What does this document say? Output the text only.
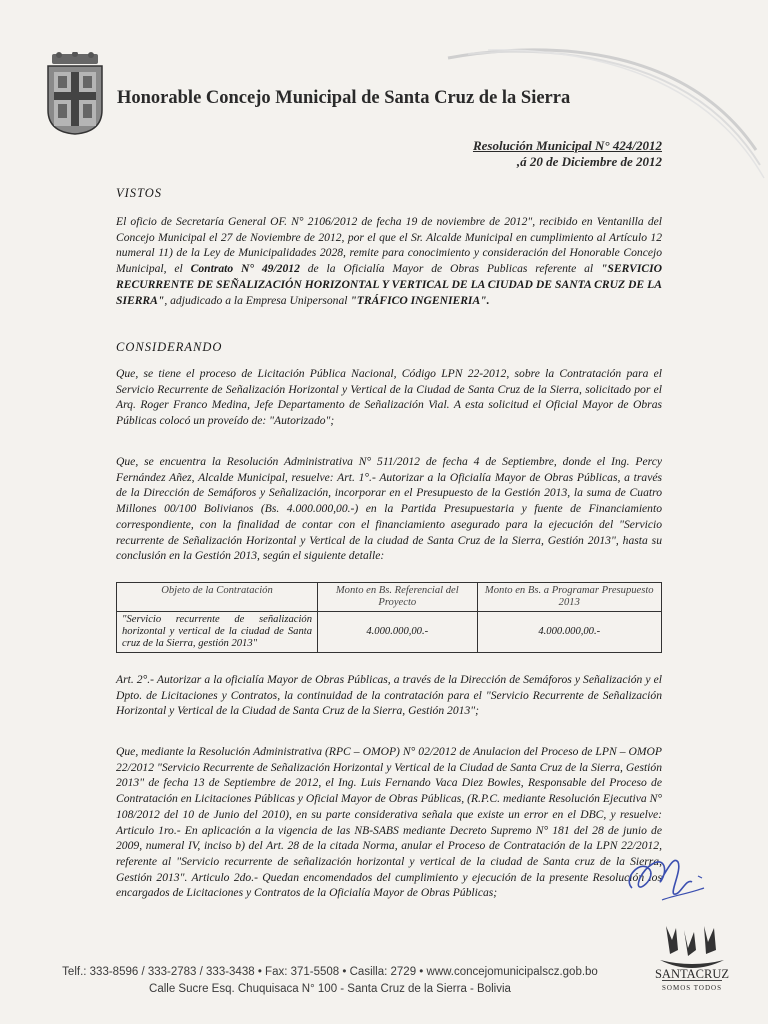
Honorable Concejo Municipal de Santa Cruz de la Sierra
Resolución Municipal N° 424/2012
,á 20 de Diciembre de 2012
VISTOS
El oficio de Secretaría General OF. N° 2106/2012 de fecha 19 de noviembre de 2012", recibido en Ventanilla del Concejo Municipal el 27 de Noviembre de 2012, por el que el Sr. Alcalde Municipal en cumplimiento al Artículo 12 numeral 11) de la Ley de Municipalidades 2028, remite para conocimiento y consideración del Honorable Concejo Municipal, el Contrato N° 49/2012 de la Oficialía Mayor de Obras Publicas referente al "SERVICIO RECURRENTE DE SEÑALIZACIÓN HORIZONTAL Y VERTICAL DE LA CIUDAD DE SANTA CRUZ DE LA SIERRA", adjudicado a la Empresa Unipersonal "TRÁFICO INGENIERIA".
CONSIDERANDO
Que, se tiene el proceso de Licitación Pública Nacional, Código LPN 22-2012, sobre la Contratación para el Servicio Recurrente de Señalización Horizontal y Vertical de la Ciudad de Santa Cruz de la Sierra, solicitado por el Arq. Roger Franco Medina, Jefe Departamento de Señalización Vial. A esta solicitud el Oficial Mayor de Obras Públicas colocó un proveído de: "Autorizado";
Que, se encuentra la Resolución Administrativa N° 511/2012 de fecha 4 de Septiembre, donde el Ing. Percy Fernández Añez, Alcalde Municipal, resuelve: Art. 1°.- Autorizar a la Oficialía Mayor de Obras Públicas, a través de la Dirección de Semáforos y Señalización, incorporar en el Presupuesto de la Gestión 2013, la suma de Cuatro Millones 00/100 Bolivianos (Bs. 4.000.000,00.-) en la Partida Presupuestaria y fuente de Financiamiento correspondiente, con la finalidad de contar con el financiamiento asegurado para la ejecución del "Servicio recurrente de Señalización Horizontal y Vertical de la ciudad de Santa Cruz de la Sierra, Gestión 2013", hasta su conclusión en la Gestión 2013, según el siguiente detalle:
Objeto de la Contratación	Monto en Bs. Referencial del Proyecto	Monto en Bs. a Programar Presupuesto 2013
"Servicio recurrente de señalización horizontal y vertical de la ciudad de Santa cruz de la Sierra, gestión 2013"	4.000.000,00.-	4.000.000,00.-
Art. 2°.- Autorizar a la oficialía Mayor de Obras Públicas, a través de la Dirección de Semáforos y Señalización y el Dpto. de Licitaciones y Contratos, la continuidad de la contratación para el "Servicio Recurrente de Señalización Horizontal y Vertical de la Ciudad de Santa Cruz de la Sierra, Gestión 2013";
Que, mediante la Resolución Administrativa (RPC – OMOP) N° 02/2012 de Anulacion del Proceso de LPN – OMOP 22/2012 "Servicio Recurrente de Señalización Horizontal y Vertical de la Ciudad de Santa Cruz de la Sierra, Gestión 2013" de fecha 13 de Septiembre de 2012, el Ing. Luis Fernando Vaca Diez Bowles, Responsable del Proceso de Contratación en Licitaciones Públicas y Oficial Mayor de Obras Públicas, (R.P.C. mediante Resolución Ejecutiva N° 108/2012 del 10 de Junio del 2010), en su parte considerativa señala que existe un error en el DBC, y resuelve: Articulo 1ro.- En aplicación a la vigencia de las NB-SABS mediante Decreto Supremo N° 181 del 28 de junio de 2009, numeral IV, inciso b) del Art. 28 de la citada Norma, anular el Proceso de Contratación de la LPN 22/2012, referente al "Servicio recurrente de señalización horizontal y vertical de la ciudad de Santa cruz de la Sierra, Gestión 2013". Articulo 2do.- Quedan encomendados del cumplimiento y ejecución de la presente Resolución los encargados de Licitaciones y Contratos de la Oficialía Mayor de Obras Públicas;
SANTACRUZ
SOMOS TODOS
Telf.: 333-8596 / 333-2783 / 333-3438 • Fax: 371-5508 • Casilla: 2729 • www.concejomunicipalscz.gob.bo
Calle Sucre Esq. Chuquisaca N° 100 - Santa Cruz de la Sierra - Bolivia
